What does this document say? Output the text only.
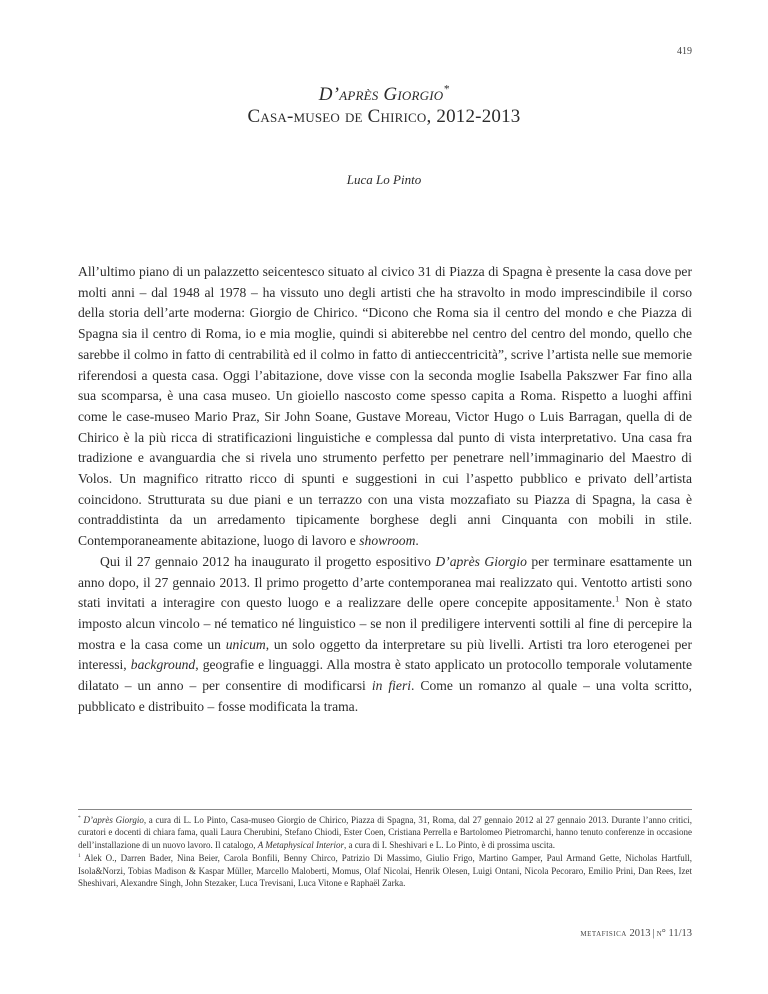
419
D’après Giorgio*
Casa-museo de Chirico, 2012-2013
Luca Lo Pinto

All’ultimo piano di un palazzetto seicentesco situato al civico 31 di Piazza di Spagna è presente la casa dove per molti anni – dal 1948 al 1978 – ha vissuto uno degli artisti che ha stravolto in modo imprescindibile il corso della storia dell’arte moderna: Giorgio de Chirico. “Dicono che Roma sia il centro del mondo e che Piazza di Spagna sia il centro di Roma, io e mia moglie, quindi si abiterebbe nel centro del centro del mondo, quello che sarebbe il colmo in fatto di centrabilità ed il colmo in fatto di antieccentricità”, scrive l’artista nelle sue memorie riferendosi a questa casa. Oggi l’abitazione, dove visse con la seconda moglie Isabella Pakszwer Far fino alla sua scomparsa, è una casa museo. Un gioiello nascosto come spesso capita a Roma. Rispetto a luoghi affini come le case-museo Mario Praz, Sir John Soane, Gustave Moreau, Victor Hugo o Luis Barragan, quella di de Chirico è la più ricca di stratificazioni linguistiche e complessa dal punto di vista interpretativo. Una casa fra tradizione e avanguardia che si rivela uno strumento perfetto per penetrare nell’immaginario del Maestro di Volos. Un magnifico ritratto ricco di spunti e suggestioni in cui l’aspetto pubblico e privato dell’artista coincidono. Strutturata su due piani e un terrazzo con una vista mozzafiato su Piazza di Spagna, la casa è contraddistinta da un arredamento tipicamente borghese degli anni Cinquanta con mobili in stile. Contemporaneamente abitazione, luogo di lavoro e showroom.

Qui il 27 gennaio 2012 ha inaugurato il progetto espositivo D’après Giorgio per terminare esattamente un anno dopo, il 27 gennaio 2013. Il primo progetto d’arte contemporanea mai realizzato qui. Ventotto artisti sono stati invitati a interagire con questo luogo e a realizzare delle opere concepite appositamente.$^1$ Non è stato imposto alcun vincolo – né tematico né linguistico – se non il prediligere interventi sottili al fine di percepire la mostra e la casa come un unicum, un solo oggetto da interpretare su più livelli. Artisti tra loro eterogenei per interessi, background, geografie e linguaggi. Alla mostra è stato applicato un protocollo temporale volutamente dilatato – un anno – per consentire di modificarsi in fieri. Come un romanzo al quale – una volta scritto, pubblicato e distribuito – fosse modificata la trama.

* D’après Giorgio, a cura di L. Lo Pinto, Casa-museo Giorgio de Chirico, Piazza di Spagna, 31, Roma, dal 27 gennaio 2012 al 27 gennaio 2013. Durante l’anno critici, curatori e docenti di chiara fama, quali Laura Cherubini, Stefano Chiodi, Ester Coen, Cristiana Perrella e Bartolomeo Pietromarchi, hanno tenuto conferenze in occasione dell’installazione di un nuovo lavoro. Il catalogo, A Metaphysical Interior, a cura di I. Sheshivari e L. Lo Pinto, è di prossima uscita.

$^1$ Alek O., Darren Bader, Nina Beier, Carola Bonfili, Benny Chirco, Patrizio Di Massimo, Giulio Frigo, Martino Gamper, Paul Armand Gette, Nicholas Hartfull, Isola&Norzi, Tobias Madison & Kaspar Müller, Marcello Maloberti, Momus, Olaf Nicolai, Henrik Olesen, Luigi Ontani, Nicola Pecoraro, Emilio Prini, Dan Rees, Izet Sheshivari, Alexandre Singh, John Stezaker, Luca Trevisani, Luca Vitone e Raphaël Zarka.

metafisica 2013 | n° 11/13
